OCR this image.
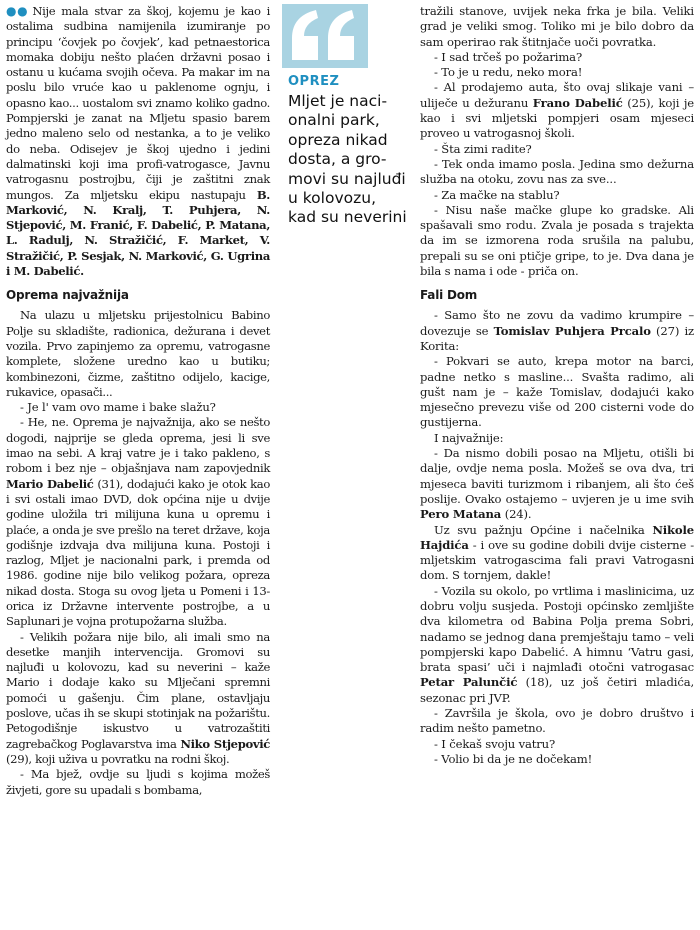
●● Nije mala stvar za škoj, kojemu je kao i ostalima sudbina namijenila izumiranje po principu ‘čovjek po čovjek’, kad petnaestorica momaka dobiju nešto plaćen državni posao i ostanu u kućama svojih očeva. Pa makar im na poslu bilo vruće kao u paklenome ognju, i opasno kao... uostalom svi znamo koliko gadno. Pompjerski je zanat na Mljetu spasio barem jedno maleno selo od nestanka, a to je veliko do neba. Odisejev je škoj ujedno i jedini dalmatinski koji ima profi-vatrogasce, Javnu vatrogasnu postrojbu, čiji je zaštitni znak mungos. Za mljetsku ekipu nastupaju B. Marković, N. Kralj, T. Puhjera, N. Stjepović, M. Franić, F. Dabelić, P. Matana, L. Radulj, N. Stražičić, F. Market, V. Stražičić, P. Sesjak, N. Marković, G. Ugrina i M. Dabelić.

Oprema najvažnija

Na ulazu u mljetsku prijestolnicu Babino Polje su skladište, radionica, dežurana i devet vozila. Prvo zapinjemo za opremu, vatrogasne komplete, složene uredno kao u butiku; kombinezoni, čizme, zaštitno odijelo, kacige, rukavice, opasači...

- Je l' vam ovo mame i bake slažu?

- He, ne. Oprema je najvažnija, ako se nešto dogodi, najprije se gleda oprema, jesi li sve imao na sebi. A kraj vatre je i tako pakleno, s robom i bez nje – objašnjava nam zapovjednik Mario Dabelić (31), dodajući kako je otok kao i svi ostali imao DVD, dok općina nije u dvije godine uložila tri milijuna kuna u opremu i plaće, a onda je sve prešlo na teret države, koja godišnje izdvaja dva milijuna kuna. Postoji i razlog, Mljet je nacionalni park, i premda od 1986. godine nije bilo velikog požara, opreza nikad dosta. Stoga su ovog ljeta u Pomeni i 13-orica iz Državne intervente postrojbe, a u Saplunari je vojna protupožarna služba.

- Velikih požara nije bilo, ali imali smo na desetke manjih intervencija. Gromovi su najluđi u kolovozu, kad su neverini – kaže Mario i dodaje kako su Mlječani spremni pomoći u gašenju. Čim plane, ostavljaju poslove, učas ih se skupi stotinjak na požarištu. Petogodišnje iskustvo u vatrozaštiti zagrebačkog Poglavarstva ima Niko Stjepović (29), koji uživa u povratku na rodni škoj.

- Ma bjež, ovdje su ljudi s kojima možeš živjeti, gore su upadali s bombama,

OPREZ
Mljet je naci-
onalni park,
opreza nikad
dosta, a gro-
movi su najluđi
u kolovozu,
kad su neverini

tražili stanove, uvijek neka frka je bila. Veliki grad je veliki smog. Toliko mi je bilo dobro da sam operirao rak štitnjače uoči povratka.

- I sad trčeš po požarima?

- To je u redu, neko mora!

- Al prodajemo auta, što ovaj slikaje vani – uliječe u dežuranu Frano Dabelić (25), koji je kao i svi mljetski pompjeri osam mjeseci proveo u vatrogasnoj školi.

- Šta zimi radite?

- Tek onda imamo posla. Jedina smo dežurna služba na otoku, zovu nas za sve...

- Za mačke na stablu?

- Nisu naše mačke glupe ko gradske. Ali spašavali smo rodu. Zvala je posada s trajekta da im se izmorena roda srušila na palubu, prepali su se oni ptičje gripe, to je. Dva dana je bila s nama i ode - priča on.

Fali Dom

- Samo što ne zovu da vadimo krumpire – dovezuje se Tomislav Puhjera Prcalo (27) iz Korita:

- Pokvari se auto, krepa motor na barci, padne netko s masline... Svašta radimo, ali gušt nam je – kaže Tomislav, dodajući kako mjesečno prevezu više od 200 cisterni vode do gustijerna.

I najvažnije:

- Da nismo dobili posao na Mljetu, otišli bi dalje, ovdje nema posla. Možeš se ova dva, tri mjeseca baviti turizmom i ribanjem, ali što ćeš poslije. Ovako ostajemo – uvjeren je u ime svih Pero Matana (24).

Uz svu pažnju Općine i načelnika Nikole Hajdića - i ove su godine dobili dvije cisterne - mljetskim vatrogascima fali pravi Vatrogasni dom. S tornjem, dakle!

- Vozila su okolo, po vrtlima i maslinicima, uz dobru volju susjeda. Postoji općinsko zemljište dva kilometra od Babina Polja prema Sobri, nadamo se jednog dana premještaju tamo – veli pompjerski kapo Dabelić. A himnu ‘Vatru gasi, brata spasi’ uči i najmlađi otočni vatrogasac Petar Palunčić (18), uz još četiri mladića, sezonac pri JVP.

- Završila je škola, ovo je dobro društvo i radim nešto pametno.

- I čekaš svoju vatru?

- Volio bi da je ne dočekam!
